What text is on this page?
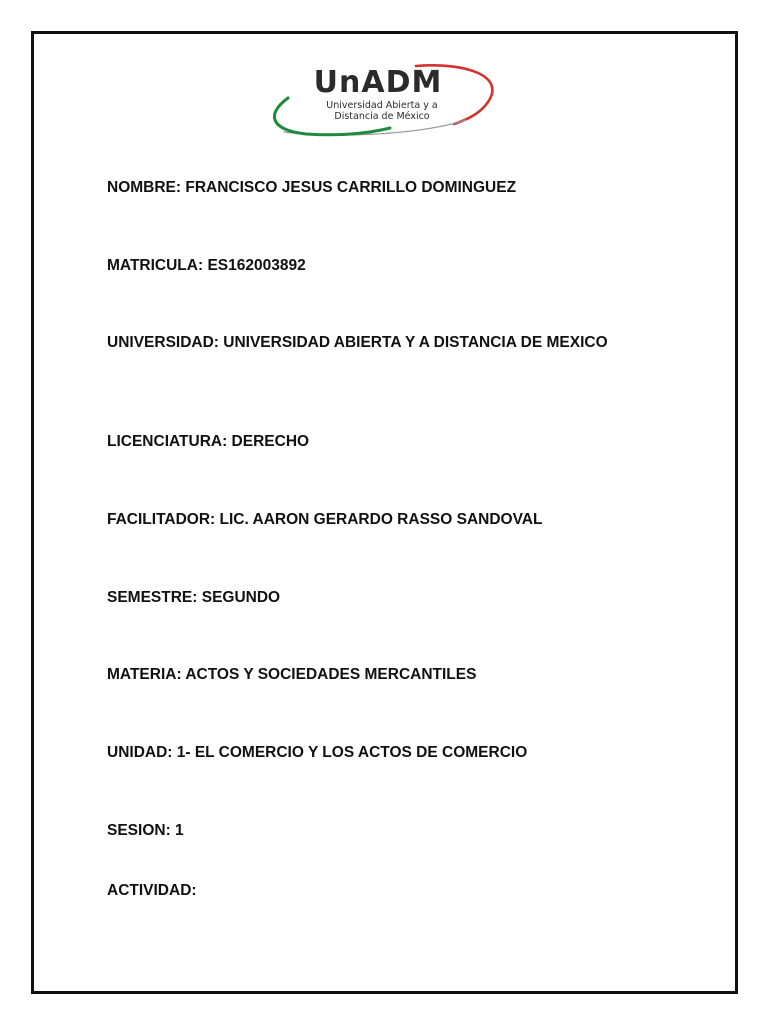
UnADM
Universidad Abierta y a
Distancia de México

NOMBRE: FRANCISCO JESUS CARRILLO DOMINGUEZ

MATRICULA: ES162003892

UNIVERSIDAD: UNIVERSIDAD ABIERTA Y A DISTANCIA DE MEXICO

LICENCIATURA: DERECHO

FACILITADOR: LIC. AARON GERARDO RASSO SANDOVAL

SEMESTRE: SEGUNDO

MATERIA: ACTOS Y SOCIEDADES MERCANTILES

UNIDAD: 1- EL COMERCIO Y LOS ACTOS DE COMERCIO

SESION: 1

ACTIVIDAD:
